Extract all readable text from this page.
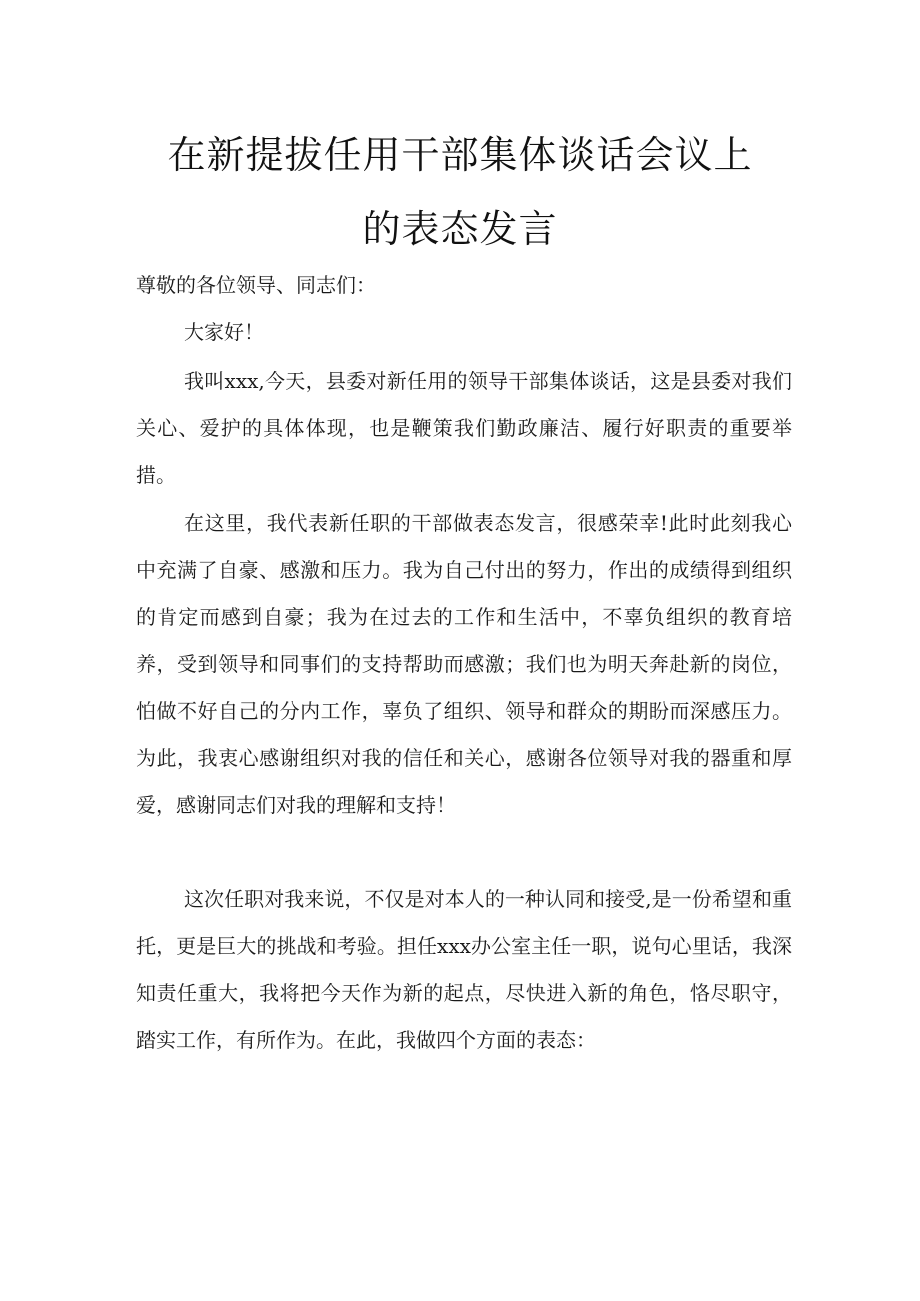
在新提拔任用干部集体谈话会议上
的表态发言

尊敬的各位领导、同志们：

大家好！

我叫xxx,今天，县委对新任用的领导干部集体谈话，这是县委对我们关心、爱护的具体体现，也是鞭策我们勤政廉洁、履行好职责的重要举措。

在这里，我代表新任职的干部做表态发言，很感荣幸!此时此刻我心中充满了自豪、感激和压力。我为自己付出的努力，作出的成绩得到组织的肯定而感到自豪；我为在过去的工作和生活中，不辜负组织的教育培养，受到领导和同事们的支持帮助而感激；我们也为明天奔赴新的岗位，怕做不好自己的分内工作，辜负了组织、领导和群众的期盼而深感压力。为此，我衷心感谢组织对我的信任和关心，感谢各位领导对我的器重和厚爱，感谢同志们对我的理解和支持！

这次任职对我来说，不仅是对本人的一种认同和接受,是一份希望和重托，更是巨大的挑战和考验。担任xxx办公室主任一职，说句心里话，我深知责任重大，我将把今天作为新的起点，尽快进入新的角色，恪尽职守，踏实工作，有所作为。在此，我做四个方面的表态：
